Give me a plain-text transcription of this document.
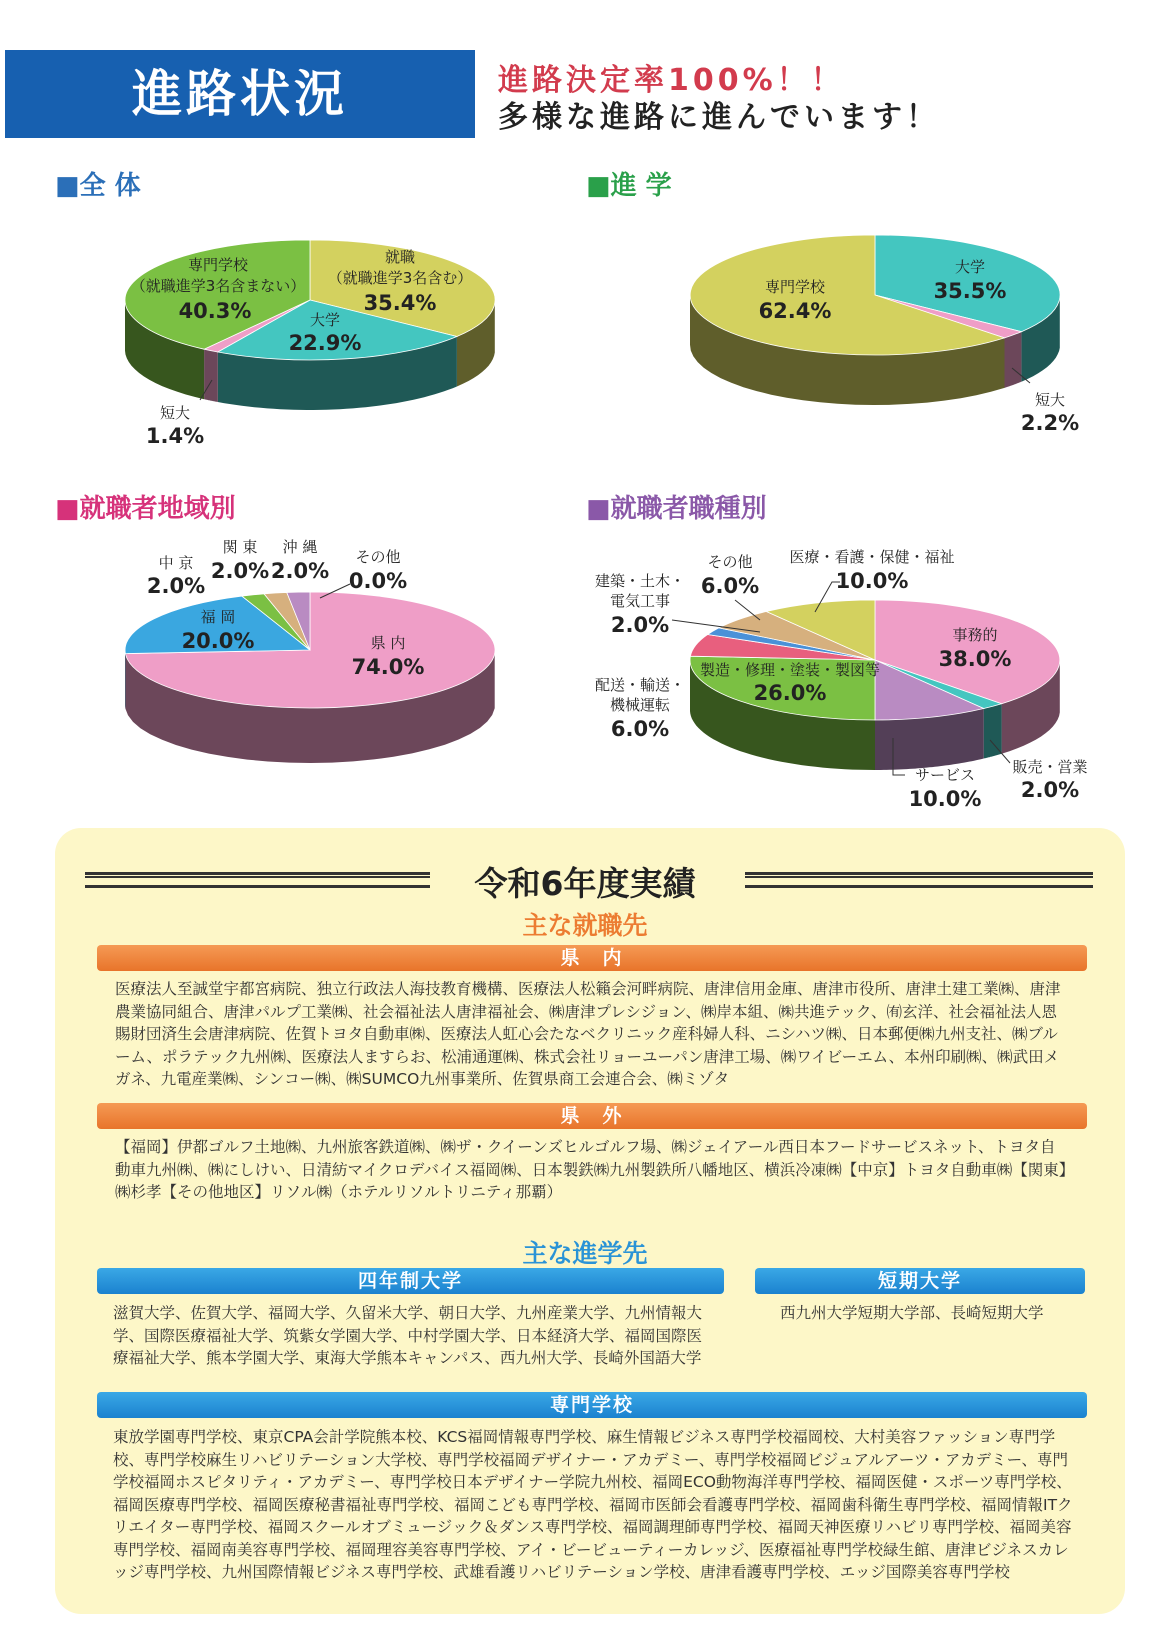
進路状況	進路決定率100%！！
多様な進路に進んでいます！
■全 体	■進 学
■就職者地域別	■就職者職種別
就職
（就職進学3名含む）
35.4%
大学
22.9%
専門学校
（就職進学3名含まない）
40.3%
短大
1.4%
大学
35.5%
専門学校
62.4%
短大
2.2%
県 内
74.0%
福 岡
20.0%
中 京
2.0%
関 東
2.0%
沖 縄
2.0%
その他
0.0%
事務的
38.0%
販売・営業
2.0%
サービス
10.0%
製造・修理・塗装・製図等
26.0%
配送・輸送・
機械運転
6.0%
建築・土木・
電気工事
2.0%
その他
6.0%
医療・看護・保健・福祉
10.0%
令和6年度実績
主な就職先
県　内
医療法人至誠堂宇都宮病院、独立行政法人海技教育機構、医療法人松籟会河畔病院、唐津信用金庫、唐津市役所、唐津土建工業㈱、唐津農業協同組合、唐津パルプ工業㈱、社会福祉法人唐津福祉会、㈱唐津プレシジョン、㈱岸本組、㈱共進テック、㈲玄洋、社会福祉法人恩賜財団済生会唐津病院、佐賀トヨタ自動車㈱、医療法人虹心会たなベクリニック産科婦人科、ニシハツ㈱、日本郵便㈱九州支社、㈱ブルーム、ポラテック九州㈱、医療法人ますらお、松浦通運㈱、株式会社リョーユーパン唐津工場、㈱ワイビーエム、本州印刷㈱、㈱武田メガネ、九電産業㈱、シンコー㈱、㈱SUMCO九州事業所、佐賀県商工会連合会、㈱ミゾタ
県　外
【福岡】伊都ゴルフ土地㈱、九州旅客鉄道㈱、㈱ザ・クイーンズヒルゴルフ場、㈱ジェイアール西日本フードサービスネット、トヨタ自動車九州㈱、㈱にしけい、日清紡マイクロデバイス福岡㈱、日本製鉄㈱九州製鉄所八幡地区、横浜冷凍㈱【中京】トヨタ自動車㈱【関東】㈱杉孝【その他地区】リソル㈱（ホテルリソルトリニティ那覇）
主な進学先
四年制大学	短期大学
滋賀大学、佐賀大学、福岡大学、久留米大学、朝日大学、九州産業大学、九州情報大学、国際医療福祉大学、筑紫女学園大学、中村学園大学、日本経済大学、福岡国際医療福祉大学、熊本学園大学、東海大学熊本キャンパス、西九州大学、長崎外国語大学
西九州大学短期大学部、長崎短期大学
専門学校
東放学園専門学校、東京CPA会計学院熊本校、KCS福岡情報専門学校、麻生情報ビジネス専門学校福岡校、大村美容ファッション専門学校、専門学校麻生リハビリテーション大学校、専門学校福岡デザイナー・アカデミー、専門学校福岡ビジュアルアーツ・アカデミー、専門学校福岡ホスピタリティ・アカデミー、専門学校日本デザイナー学院九州校、福岡ECO動物海洋専門学校、福岡医健・スポーツ専門学校、福岡医療専門学校、福岡医療秘書福祉専門学校、福岡こども専門学校、福岡市医師会看護専門学校、福岡歯科衛生専門学校、福岡情報ITクリエイター専門学校、福岡スクールオブミュージック＆ダンス専門学校、福岡調理師専門学校、福岡天神医療リハビリ専門学校、福岡美容専門学校、福岡南美容専門学校、福岡理容美容専門学校、アイ・ビービューティーカレッジ、医療福祉専門学校緑生館、唐津ビジネスカレッジ専門学校、九州国際情報ビジネス専門学校、武雄看護リハビリテーション学校、唐津看護専門学校、エッジ国際美容専門学校
